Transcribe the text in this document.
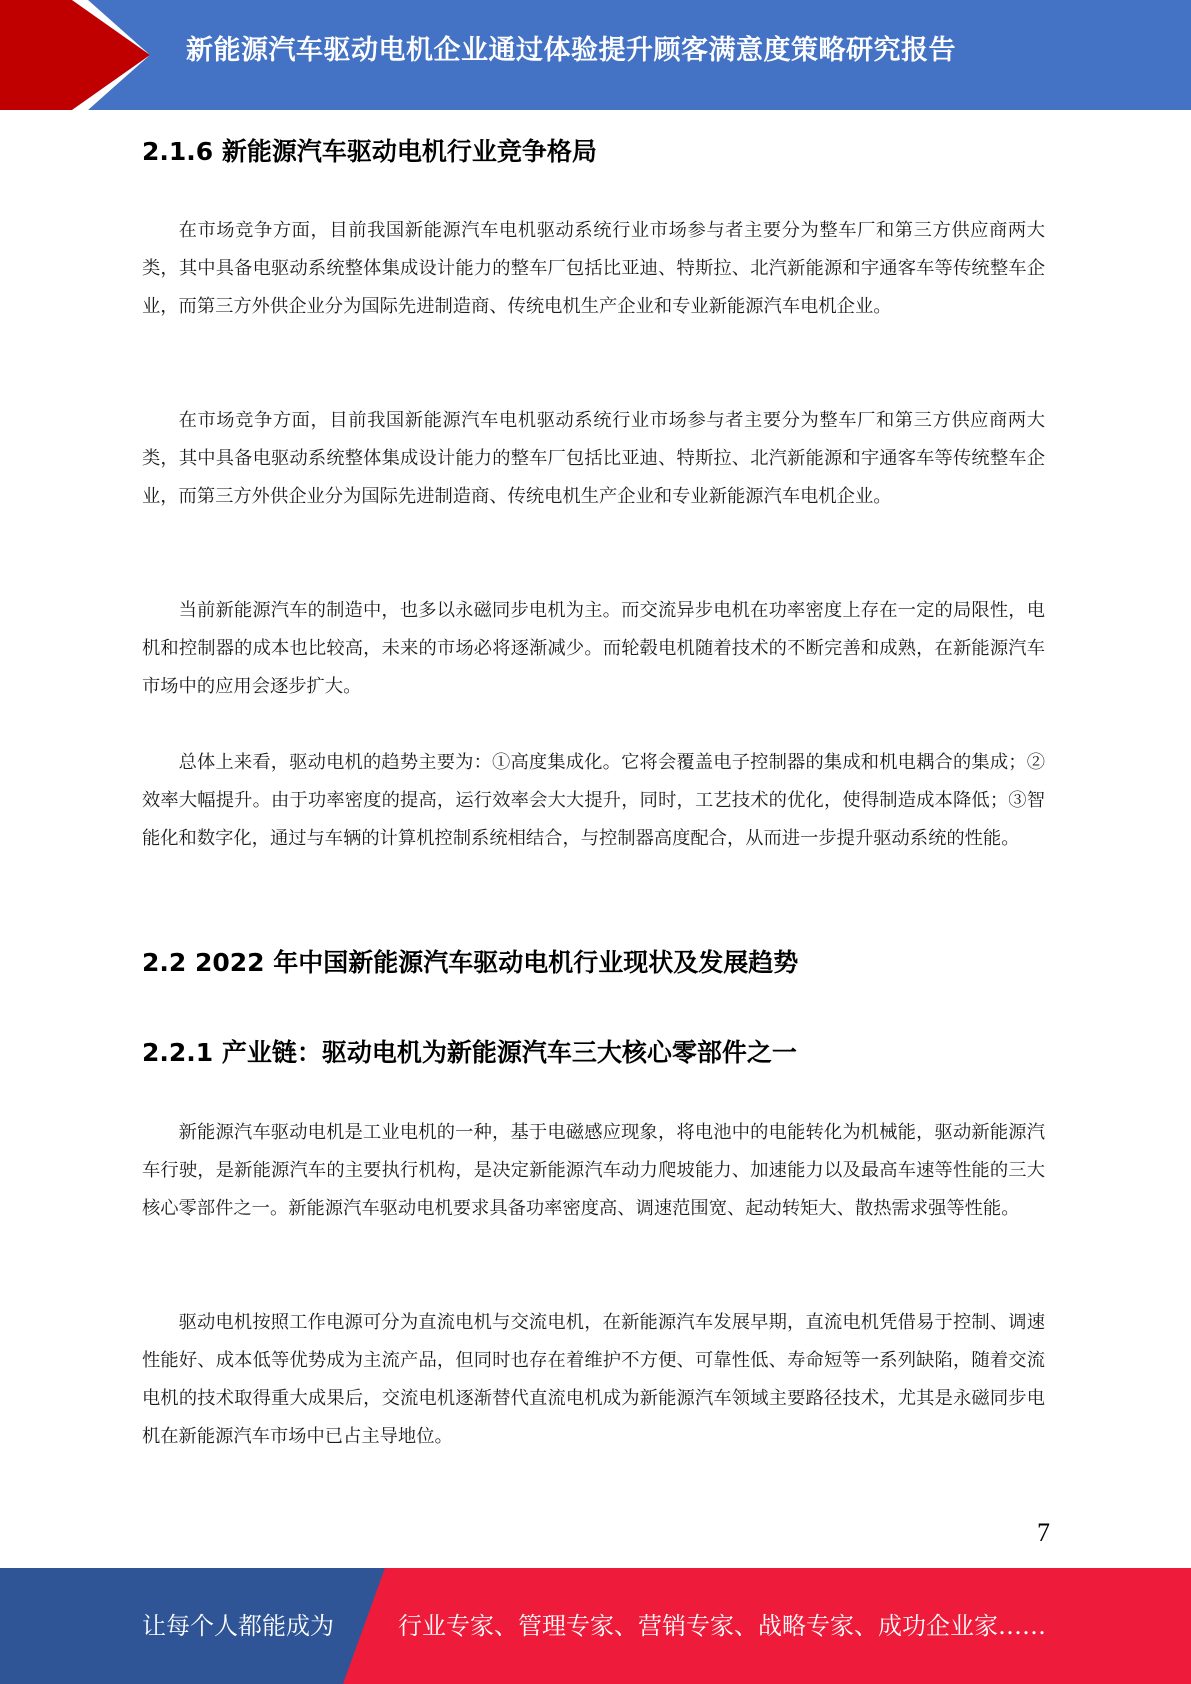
新能源汽车驱动电机企业通过体验提升顾客满意度策略研究报告
2.1.6 新能源汽车驱动电机行业竞争格局

在市场竞争方面，目前我国新能源汽车电机驱动系统行业市场参与者主要分为整车厂和第三方供应商两大类，其中具备电驱动系统整体集成设计能力的整车厂包括比亚迪、特斯拉、北汽新能源和宇通客车等传统整车企业，而第三方外供企业分为国际先进制造商、传统电机生产企业和专业新能源汽车电机企业。

在市场竞争方面，目前我国新能源汽车电机驱动系统行业市场参与者主要分为整车厂和第三方供应商两大类，其中具备电驱动系统整体集成设计能力的整车厂包括比亚迪、特斯拉、北汽新能源和宇通客车等传统整车企业，而第三方外供企业分为国际先进制造商、传统电机生产企业和专业新能源汽车电机企业。

当前新能源汽车的制造中，也多以永磁同步电机为主。而交流异步电机在功率密度上存在一定的局限性，电机和控制器的成本也比较高，未来的市场必将逐渐减少。而轮毂电机随着技术的不断完善和成熟，在新能源汽车市场中的应用会逐步扩大。

总体上来看，驱动电机的趋势主要为：①高度集成化。它将会覆盖电子控制器的集成和机电耦合的集成；②效率大幅提升。由于功率密度的提高，运行效率会大大提升，同时，工艺技术的优化，使得制造成本降低；③智能化和数字化，通过与车辆的计算机控制系统相结合，与控制器高度配合，从而进一步提升驱动系统的性能。

2.2 2022 年中国新能源汽车驱动电机行业现状及发展趋势
2.2.1 产业链：驱动电机为新能源汽车三大核心零部件之一

新能源汽车驱动电机是工业电机的一种，基于电磁感应现象，将电池中的电能转化为机械能，驱动新能源汽车行驶，是新能源汽车的主要执行机构，是决定新能源汽车动力爬坡能力、加速能力以及最高车速等性能的三大核心零部件之一。新能源汽车驱动电机要求具备功率密度高、调速范围宽、起动转矩大、散热需求强等性能。

驱动电机按照工作电源可分为直流电机与交流电机，在新能源汽车发展早期，直流电机凭借易于控制、调速性能好、成本低等优势成为主流产品，但同时也存在着维护不方便、可靠性低、寿命短等一系列缺陷，随着交流电机的技术取得重大成果后，交流电机逐渐替代直流电机成为新能源汽车领域主要路径技术，尤其是永磁同步电机在新能源汽车市场中已占主导地位。

7
让每个人都能成为	行业专家、管理专家、营销专家、战略专家、成功企业家……
